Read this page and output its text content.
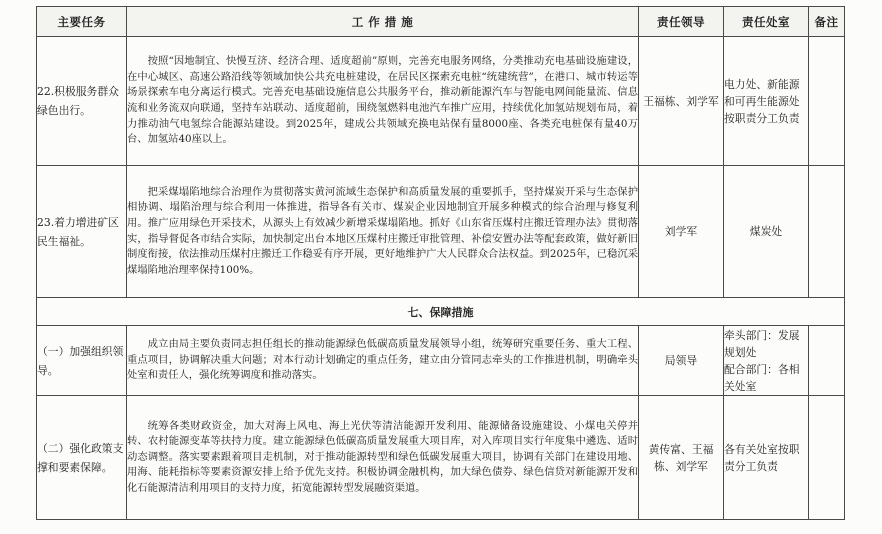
主要任务	工 作 措 施	责任领导	责任处室	备注
22.积极服务群众绿色出行。	按照“因地制宜、快慢互济、经济合理、适度超前”原则，完善充电服务网络，分类推动充电基础设施建设，在中心城区、高速公路沿线等领域加快公共充电桩建设，在居民区探索充电桩“统建统营”，在港口、城市转运等场景探索车电分离运行模式。完善充电基础设施信息公共服务平台，推动新能源汽车与智能电网间能量流、信息流和业务流双向联通，坚持车站联动、适度超前，围绕氢燃料电池汽车推广应用，持续优化加氢站规划布局，着力推动油气电氢综合能源站建设。到2025年，建成公共领域充换电站保有量8000座、各类充电桩保有量40万台、加氢站40座以上。	王福栋、刘学军	电力处、新能源和可再生能源处按职责分工负责	
23.着力增进矿区民生福祉。	把采煤塌陷地综合治理作为贯彻落实黄河流域生态保护和高质量发展的重要抓手，坚持煤炭开采与生态保护相协调、塌陷治理与综合利用一体推进，指导各有关市、煤炭企业因地制宜开展多种模式的综合治理与修复利用。推广应用绿色开采技术，从源头上有效减少新增采煤塌陷地。抓好《山东省压煤村庄搬迁管理办法》贯彻落实，指导督促各市结合实际，加快制定出台本地区压煤村庄搬迁审批管理、补偿安置办法等配套政策，做好新旧制度衔接，依法推动压煤村庄搬迁工作稳妥有序开展，更好地维护广大人民群众合法权益。到2025年，已稳沉采煤塌陷地治理率保持100%。	刘学军	煤炭处	
七、保障措施				
（一）加强组织领导。	成立由局主要负责同志担任组长的推动能源绿色低碳高质量发展领导小组，统筹研究重要任务、重大工程、重点项目，协调解决重大问题；对本行动计划确定的重点任务，建立由分管同志牵头的工作推进机制，明确牵头处室和责任人，强化统筹调度和推动落实。	局领导	牵头部门：发展规划处
配合部门：各相关处室	

（二）强化政策支撑和要素保障。	统筹各类财政资金，加大对海上风电、海上光伏等清洁能源开发利用、能源储备设施建设、小煤电关停并转、农村能源变革等扶持力度。建立能源绿色低碳高质量发展重大项目库，对入库项目实行年度集中遴选、适时动态调整。落实要素跟着项目走机制，对于推动能源转型和绿色低碳发展重大项目，协调有关部门在建设用地、用海、能耗指标等要素资源安排上给予优先支持。积极协调金融机构，加大绿色债券、绿色信贷对新能源开发和化石能源清洁利用项目的支持力度，拓宽能源转型发展融资渠道。	黄传富、王福栋、刘学军	各有关处室按职责分工负责	
